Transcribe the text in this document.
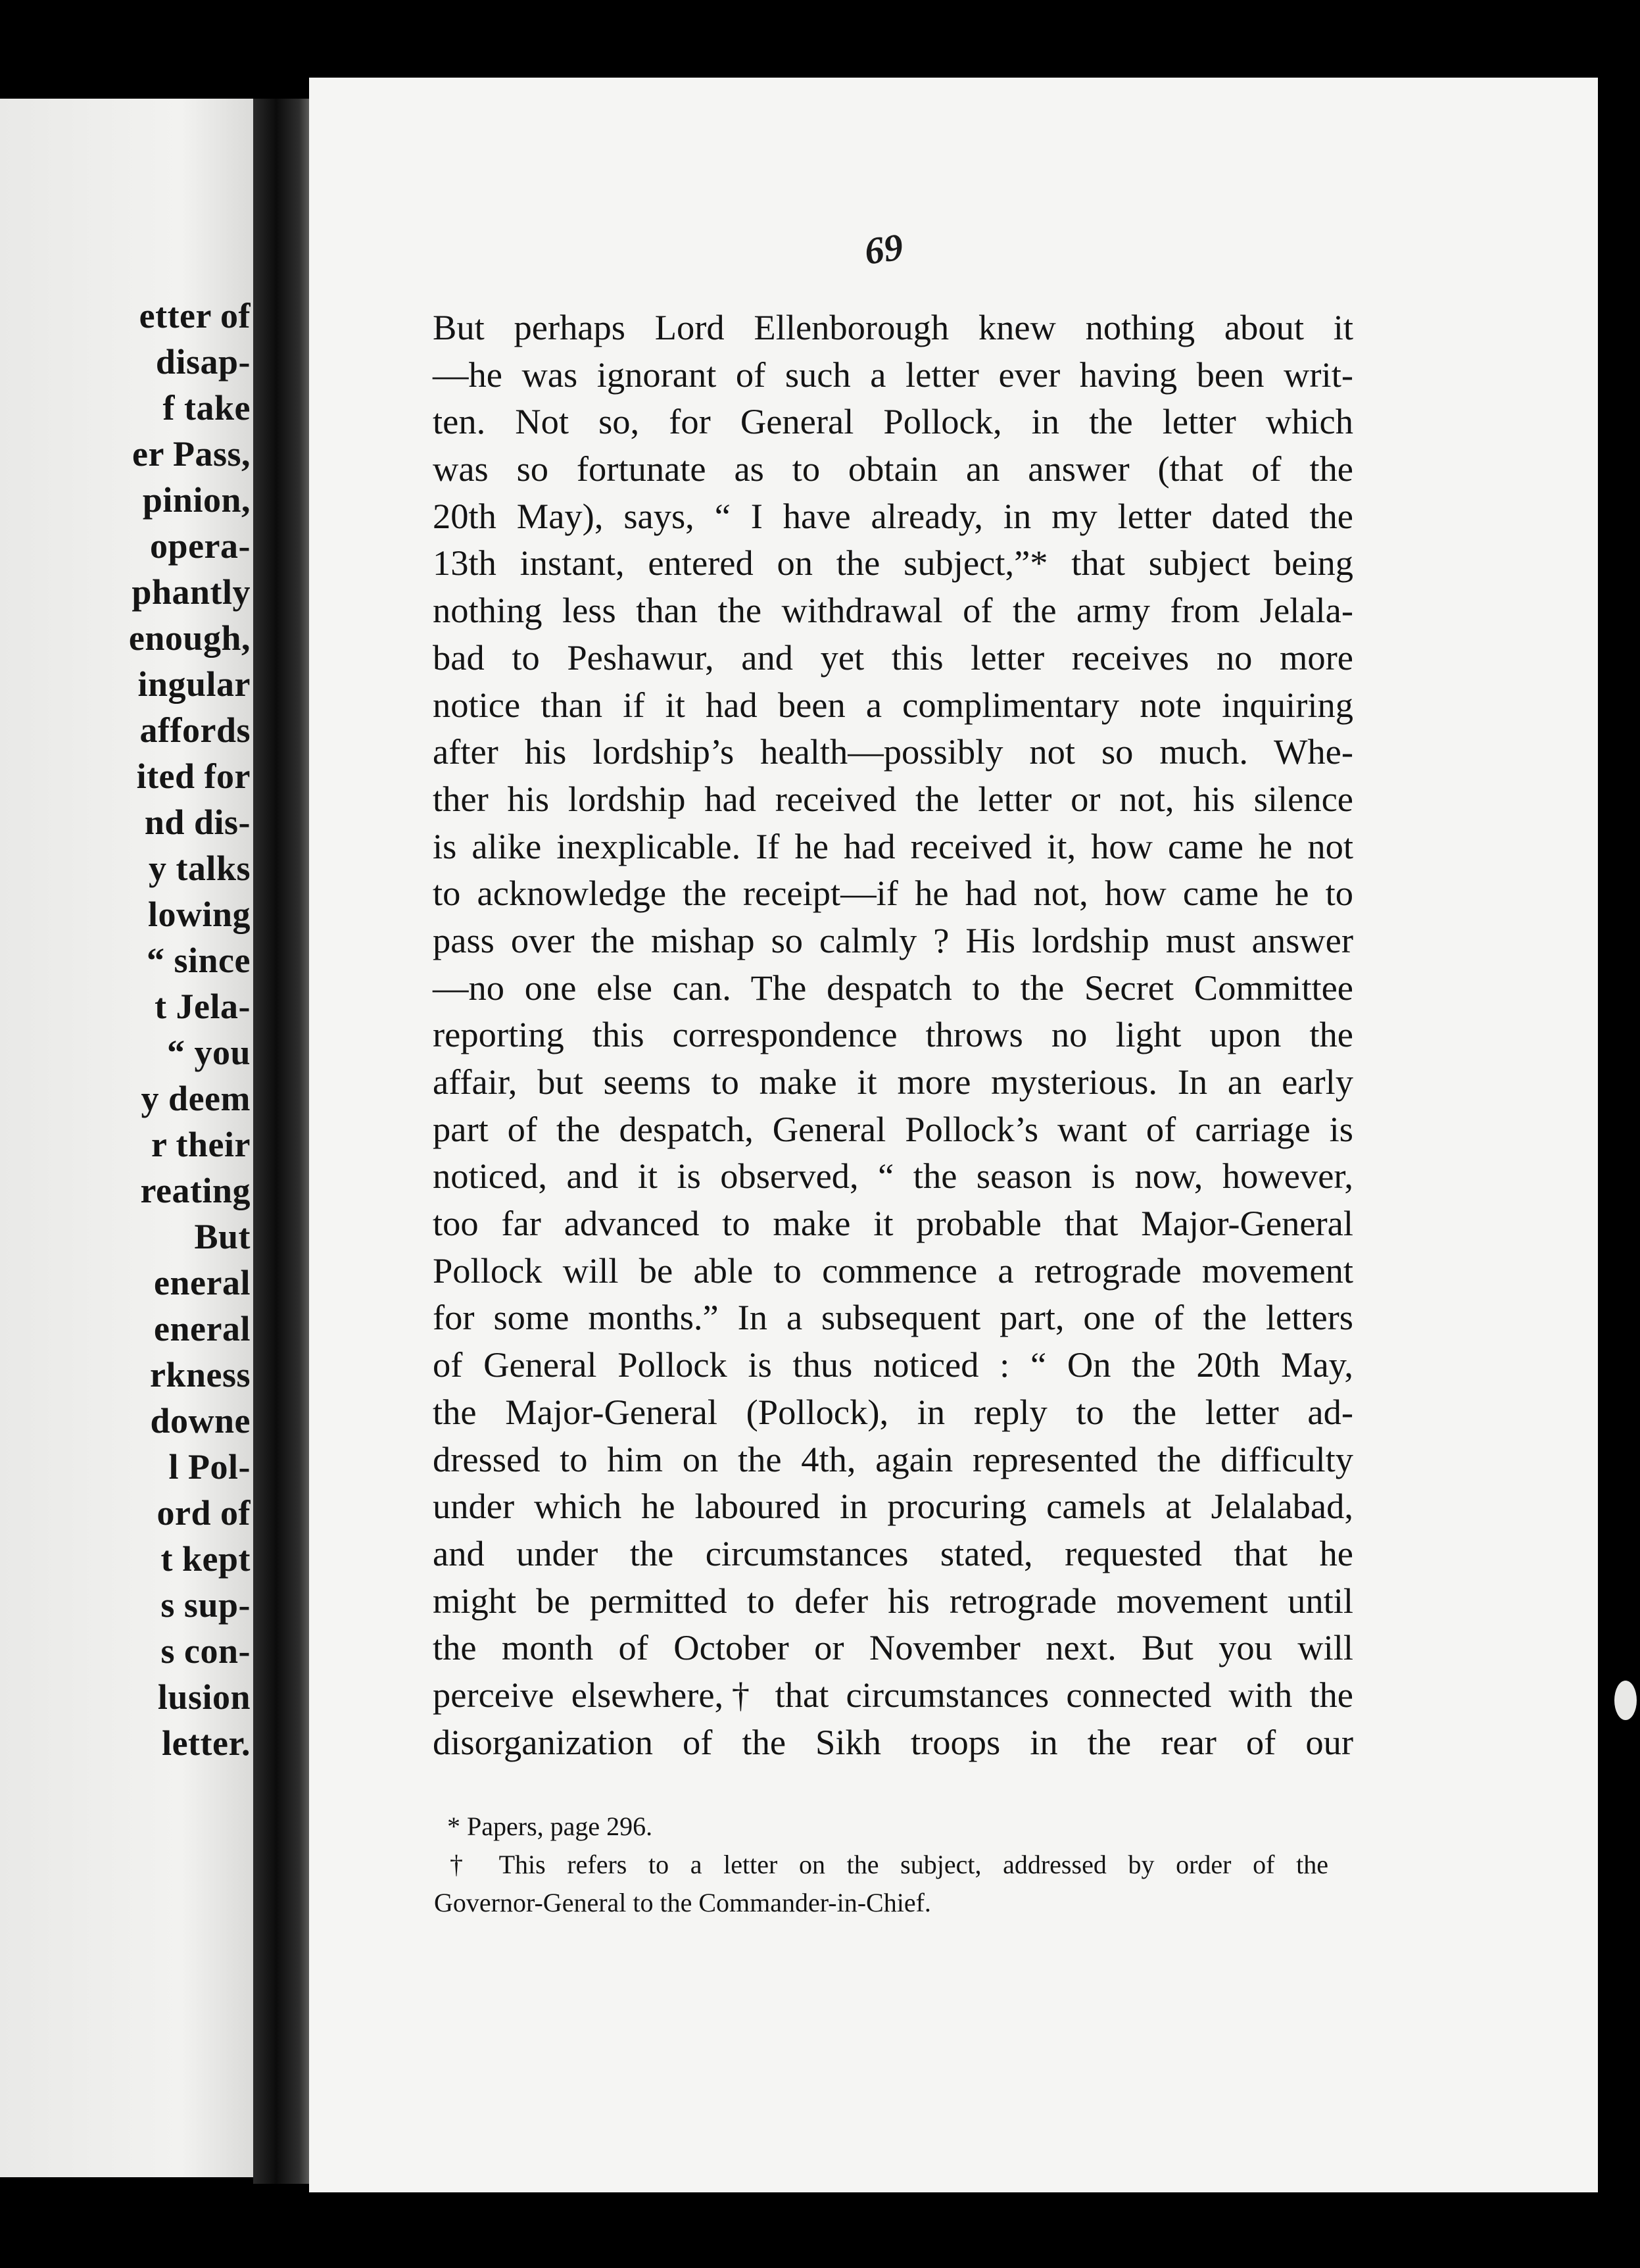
etter of
disap-
f take
er Pass,
pinion,
opera-
phantly
enough,
ingular
affords
ited for
nd dis-
y talks
lowing
“ since
t Jela-
“ you
y deem
r their
reating
But
eneral
eneral
rkness
downe
l Pol-
ord of
t kept
s sup-
s con-
lusion
letter.
69
But perhaps Lord Ellenborough knew nothing about it
—he was ignorant of such a letter ever having been writ-
ten. Not so, for General Pollock, in the letter which
was so fortunate as to obtain an answer (that of the
20th May), says, “ I have already, in my letter dated the
13th instant, entered on the subject,”* that subject being
nothing less than the withdrawal of the army from Jelala-
bad to Peshawur, and yet this letter receives no more
notice than if it had been a complimentary note inquiring
after his lordship’s health—possibly not so much. Whe-
ther his lordship had received the letter or not, his silence
is alike inexplicable. If he had received it, how came he not
to acknowledge the receipt—if he had not, how came he to
pass over the mishap so calmly ? His lordship must answer
—no one else can. The despatch to the Secret Committee
reporting this correspondence throws no light upon the
affair, but seems to make it more mysterious. In an early
part of the despatch, General Pollock’s want of carriage is
noticed, and it is observed, “ the season is now, however,
too far advanced to make it probable that Major-General
Pollock will be able to commence a retrograde movement
for some months.” In a subsequent part, one of the letters
of General Pollock is thus noticed : “ On the 20th May,
the Major-General (Pollock), in reply to the letter ad-
dressed to him on the 4th, again represented the difficulty
under which he laboured in procuring camels at Jelalabad,
and under the circumstances stated, requested that he
might be permitted to defer his retrograde movement until
the month of October or November next. But you will
perceive elsewhere,† that circumstances connected with the
disorganization of the Sikh troops in the rear of our
* Papers, page 296.
† This refers to a letter on the subject, addressed by order of the
Governor-General to the Commander-in-Chief.
